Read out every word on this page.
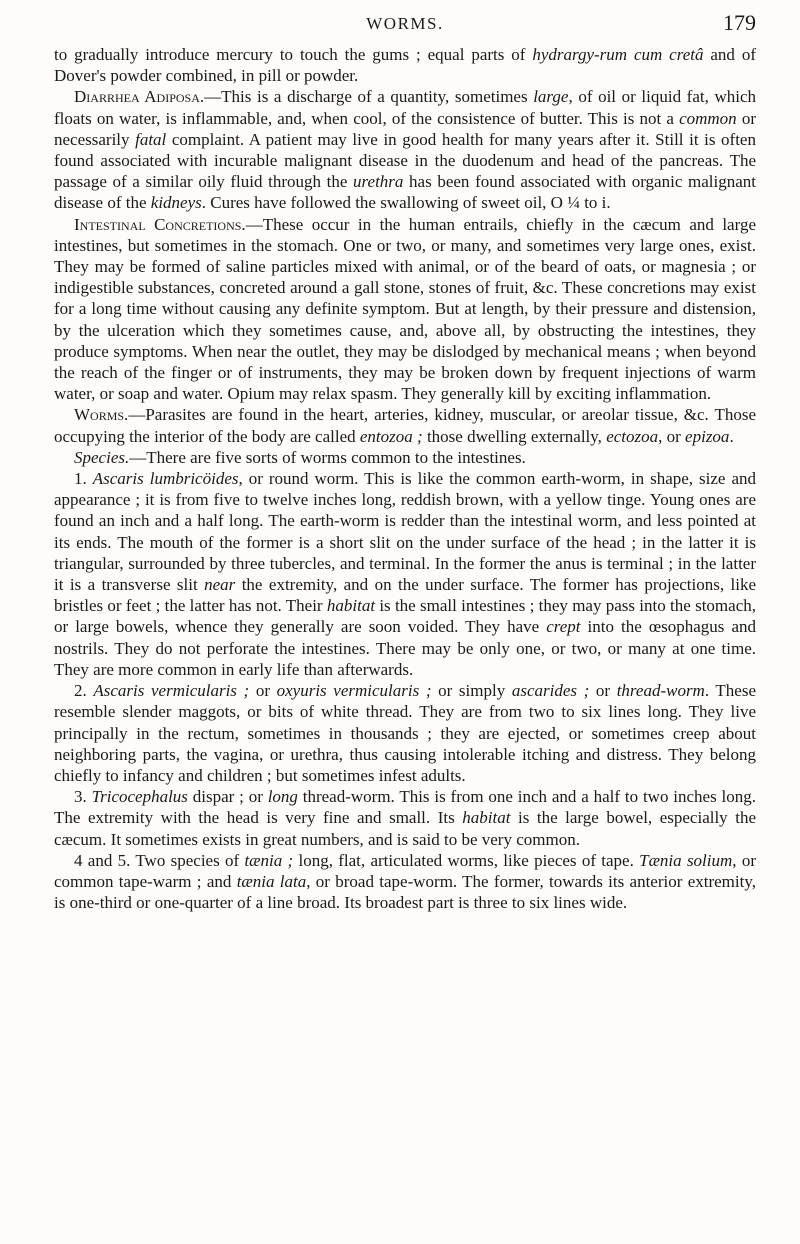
WORMS.	179

to gradually introduce mercury to touch the gums ; equal parts of hydrargy-rum cum cretâ and of Dover's powder combined, in pill or powder.

Diarrhea Adiposa.—This is a discharge of a quantity, sometimes large, of oil or liquid fat, which floats on water, is inflammable, and, when cool, of the consistence of butter. This is not a common or necessarily fatal complaint. A patient may live in good health for many years after it. Still it is often found associated with incurable malignant disease in the duodenum and head of the pancreas. The passage of a similar oily fluid through the urethra has been found associated with organic malignant disease of the kidneys. Cures have followed the swallowing of sweet oil, O ¼ to i.

Intestinal Concretions.—These occur in the human entrails, chiefly in the cæcum and large intestines, but sometimes in the stomach. One or two, or many, and sometimes very large ones, exist. They may be formed of saline particles mixed with animal, or of the beard of oats, or magnesia ; or indigestible substances, concreted around a gall stone, stones of fruit, &c. These concretions may exist for a long time without causing any definite symptom. But at length, by their pressure and distension, by the ulceration which they sometimes cause, and, above all, by obstructing the intestines, they produce symptoms. When near the outlet, they may be dislodged by mechanical means ; when beyond the reach of the finger or of instruments, they may be broken down by frequent injections of warm water, or soap and water. Opium may relax spasm. They generally kill by exciting inflammation.

Worms.—Parasites are found in the heart, arteries, kidney, muscular, or areolar tissue, &c. Those occupying the interior of the body are called entozoa ; those dwelling externally, ectozoa, or epizoa.

Species.—There are five sorts of worms common to the intestines.

1. Ascaris lumbricöides, or round worm. This is like the common earth-worm, in shape, size and appearance ; it is from five to twelve inches long, reddish brown, with a yellow tinge. Young ones are found an inch and a half long. The earth-worm is redder than the intestinal worm, and less pointed at its ends. The mouth of the former is a short slit on the under surface of the head ; in the latter it is triangular, surrounded by three tubercles, and terminal. In the former the anus is terminal ; in the latter it is a transverse slit near the extremity, and on the under surface. The former has projections, like bristles or feet ; the latter has not. Their habitat is the small intestines ; they may pass into the stomach, or large bowels, whence they generally are soon voided. They have crept into the œsophagus and nostrils. They do not perforate the intestines. There may be only one, or two, or many at one time. They are more common in early life than afterwards.

2. Ascaris vermicularis ; or oxyuris vermicularis ; or simply ascarides ; or thread-worm. These resemble slender maggots, or bits of white thread. They are from two to six lines long. They live principally in the rectum, sometimes in thousands ; they are ejected, or sometimes creep about neighboring parts, the vagina, or urethra, thus causing intolerable itching and distress. They belong chiefly to infancy and children ; but sometimes infest adults.

3. Tricocephalus dispar ; or long thread-worm. This is from one inch and a half to two inches long. The extremity with the head is very fine and small. Its habitat is the large bowel, especially the cæcum. It sometimes exists in great numbers, and is said to be very common.

4 and 5. Two species of tænia ; long, flat, articulated worms, like pieces of tape. Tænia solium, or common tape-warm ; and tænia lata, or broad tape-worm. The former, towards its anterior extremity, is one-third or one-quarter of a line broad. Its broadest part is three to six lines wide.
